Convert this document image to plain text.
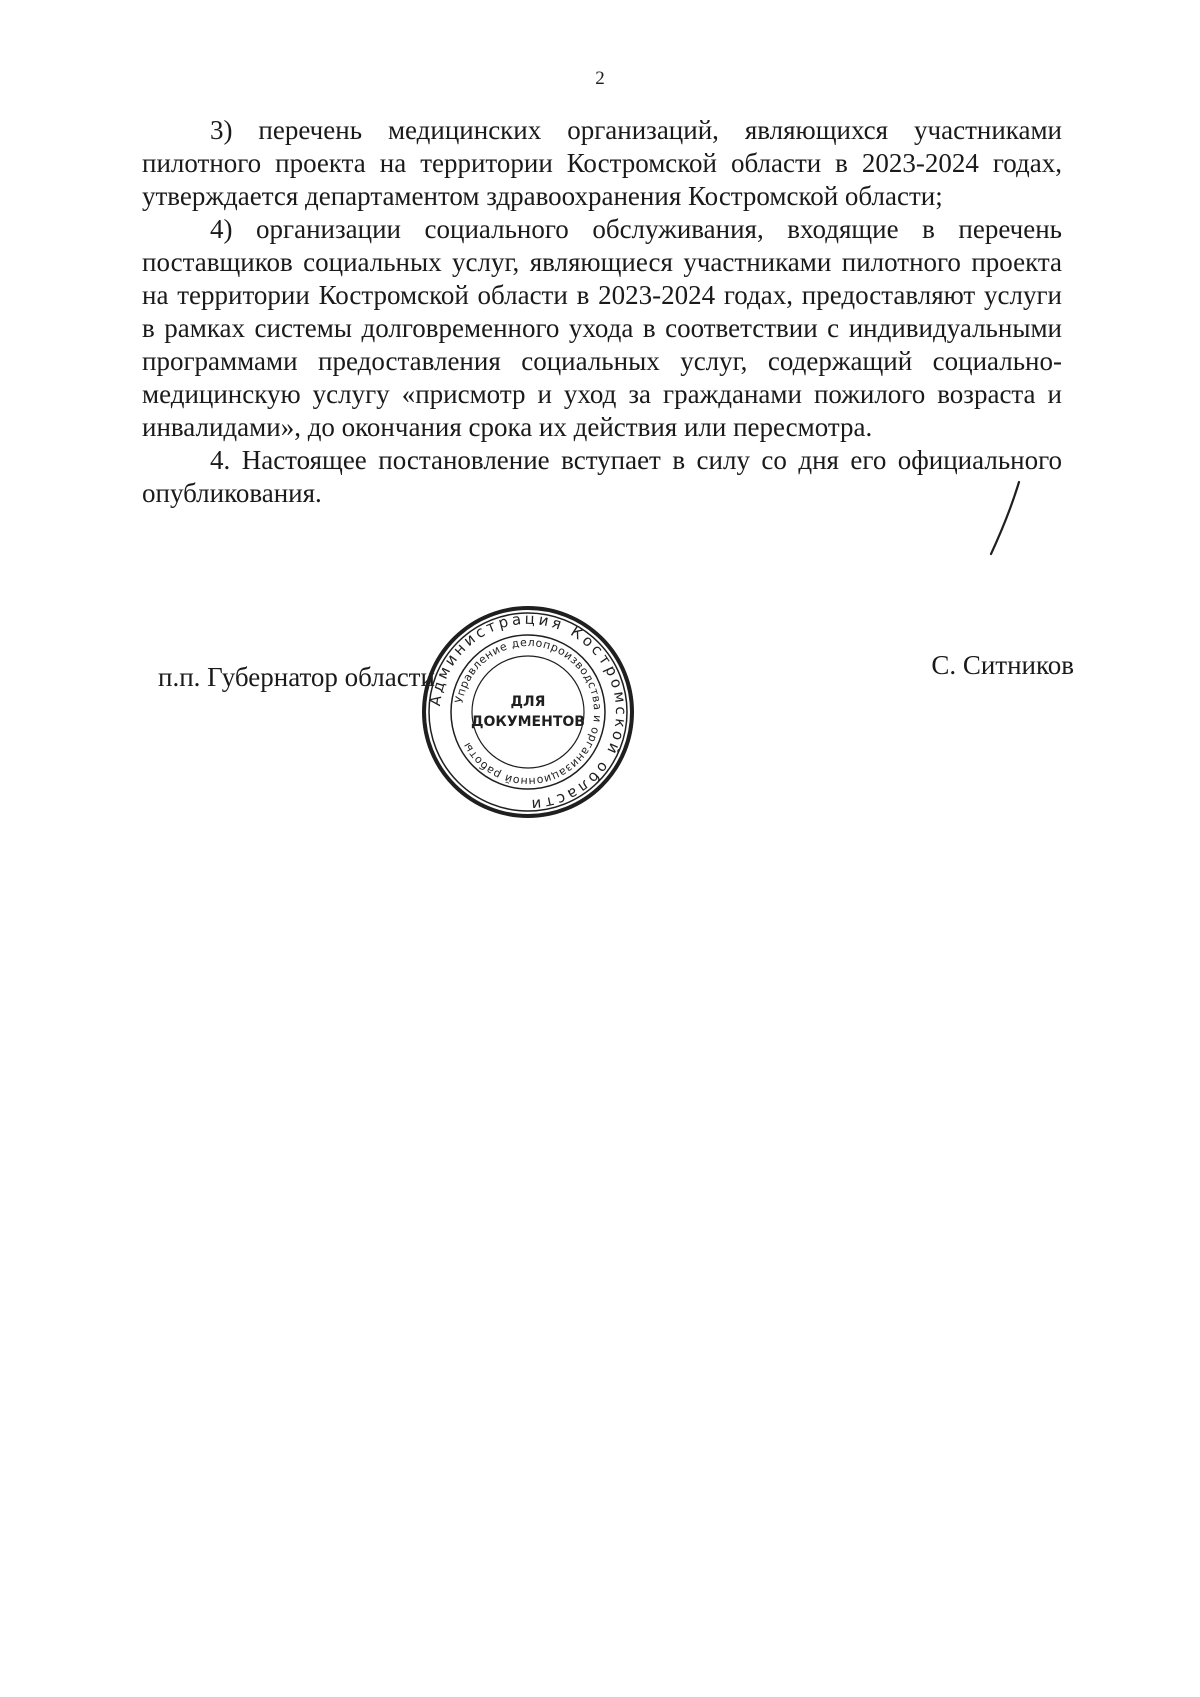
2

3) перечень медицинских организаций, являющихся участниками пилотного проекта на территории Костромской области в 2023-2024 годах, утверждается департаментом здравоохранения Костромской области;

4) организации социального обслуживания, входящие в перечень поставщиков социальных услуг, являющиеся участниками пилотного проекта на территории Костромской области в 2023-2024 годах, предоставляют услуги в рамках системы долговременного ухода в соответствии с индивидуальными программами предоставления социальных услуг, содержащий социально-медицинскую услугу «присмотр и уход за гражданами пожилого возраста и инвалидами», до окончания срока их действия или пересмотра.

4. Настоящее постановление вступает в силу со дня его официального опубликования.

п.п. Губернатор области	С. Ситников
Администрация Костромской области
Управление делопроизводства и организационной работы
ДЛЯ
ДОКУМЕНТОВ
